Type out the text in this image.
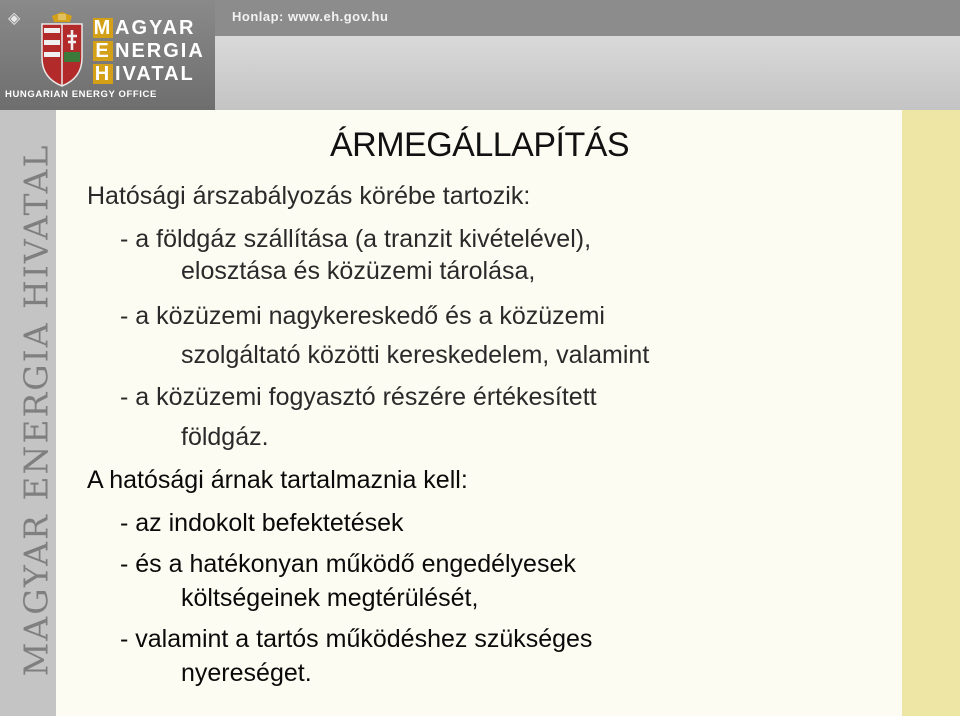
Honlap: www.eh.gov.hu
◈	M AGYAR
E NERGIA
H IVATAL
HUNGARIAN ENERGY OFFICE
MAGYAR ENERGIA HIVATAL	ÁRMEGÁLLAPÍTÁS
Hatósági árszabályozás körébe tartozik:
- a földgáz szállítása (a tranzit kivételével),
elosztása és közüzemi tárolása,
- a közüzemi nagykereskedő és a közüzemi
szolgáltató közötti kereskedelem, valamint
- a közüzemi fogyasztó részére értékesített
földgáz.
A hatósági árnak tartalmaznia kell:
- az indokolt befektetések
- és a hatékonyan működő engedélyesek
költségeinek megtérülését,
- valamint a tartós működéshez szükséges
nyereséget.
